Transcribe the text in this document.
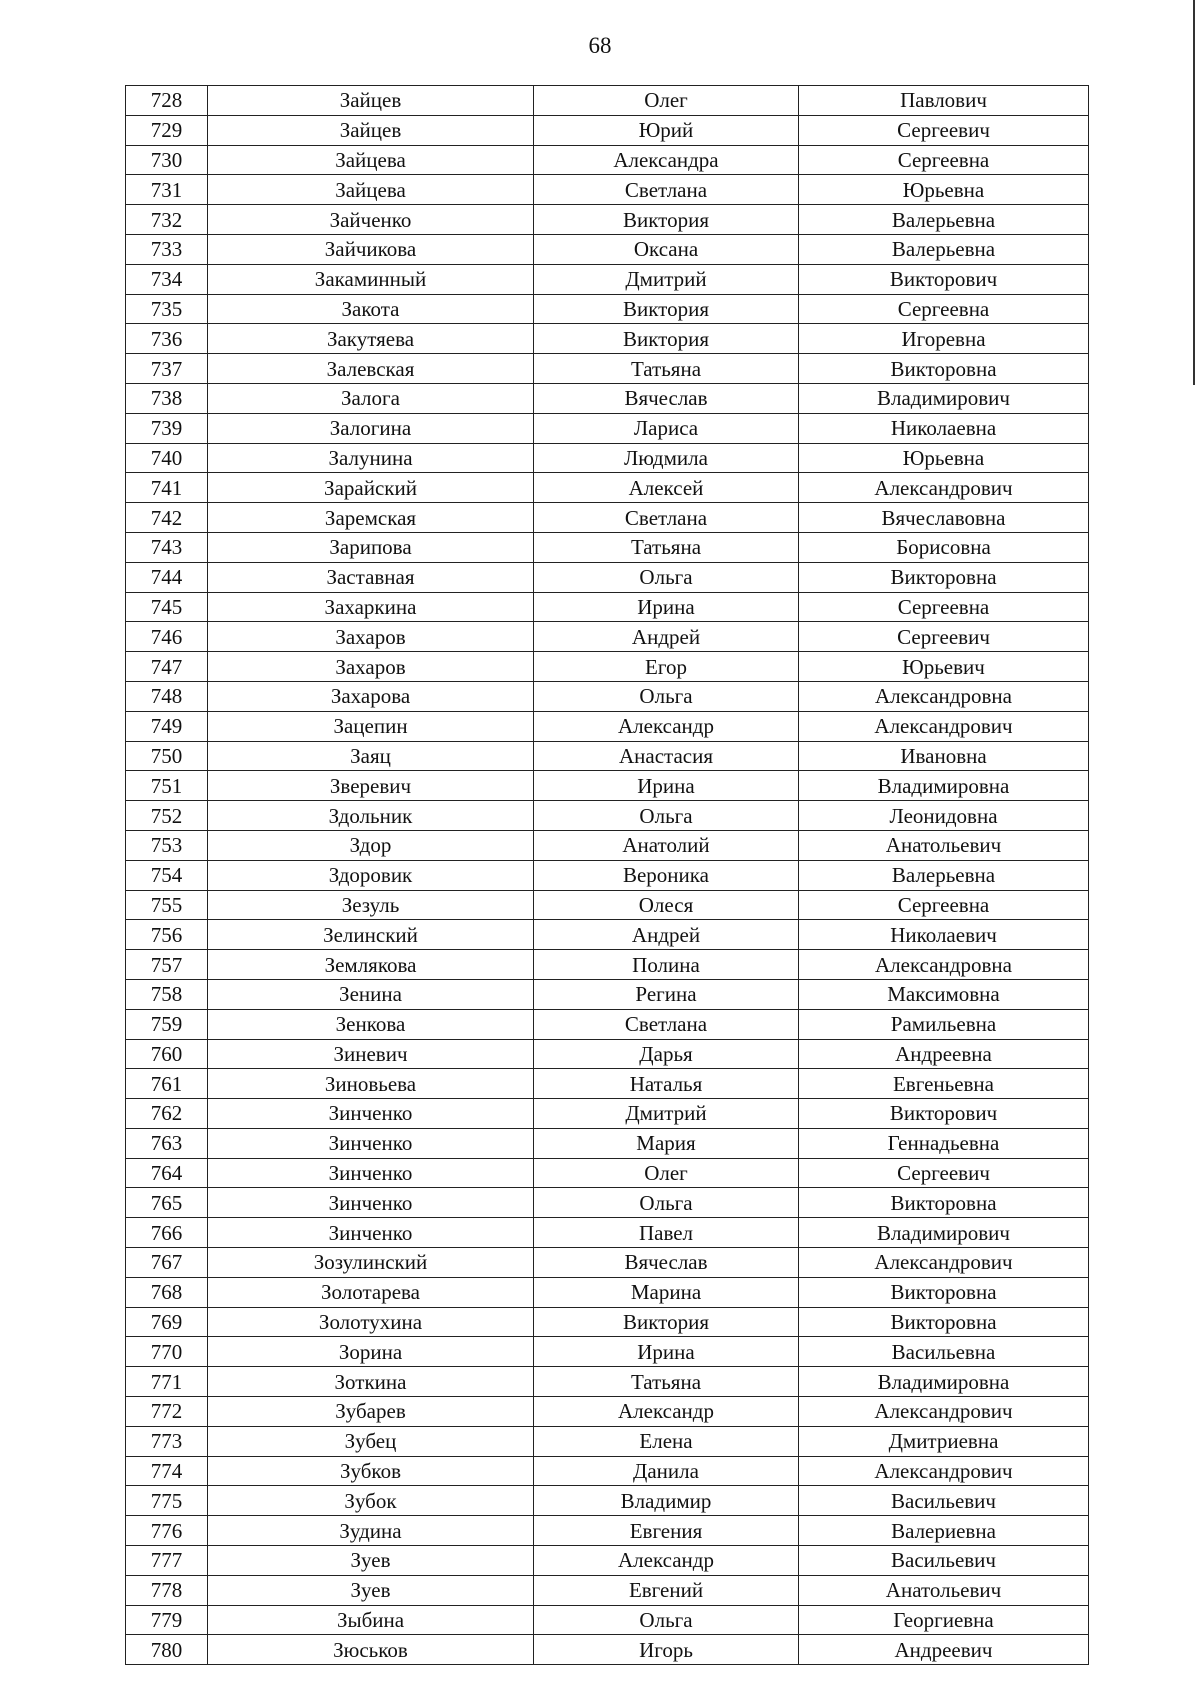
68
728	Зайцев	Олег	Павлович
729	Зайцев	Юрий	Сергеевич
730	Зайцева	Александра	Сергеевна
731	Зайцева	Светлана	Юрьевна
732	Зайченко	Виктория	Валерьевна
733	Зайчикова	Оксана	Валерьевна
734	Закаминный	Дмитрий	Викторович
735	Закота	Виктория	Сергеевна
736	Закутяева	Виктория	Игоревна
737	Залевская	Татьяна	Викторовна
738	Залога	Вячеслав	Владимирович
739	Залогина	Лариса	Николаевна
740	Залунина	Людмила	Юрьевна
741	Зарайский	Алексей	Александрович
742	Заремская	Светлана	Вячеславовна
743	Зарипова	Татьяна	Борисовна
744	Заставная	Ольга	Викторовна
745	Захаркина	Ирина	Сергеевна
746	Захаров	Андрей	Сергеевич
747	Захаров	Егор	Юрьевич
748	Захарова	Ольга	Александровна
749	Зацепин	Александр	Александрович
750	Заяц	Анастасия	Ивановна
751	Зверевич	Ирина	Владимировна
752	Здольник	Ольга	Леонидовна
753	Здор	Анатолий	Анатольевич
754	Здоровик	Вероника	Валерьевна
755	Зезуль	Олеся	Сергеевна
756	Зелинский	Андрей	Николаевич
757	Землякова	Полина	Александровна
758	Зенина	Регина	Максимовна
759	Зенкова	Светлана	Рамильевна
760	Зиневич	Дарья	Андреевна
761	Зиновьева	Наталья	Евгеньевна
762	Зинченко	Дмитрий	Викторович
763	Зинченко	Мария	Геннадьевна
764	Зинченко	Олег	Сергеевич
765	Зинченко	Ольга	Викторовна
766	Зинченко	Павел	Владимирович
767	Зозулинский	Вячеслав	Александрович
768	Золотарева	Марина	Викторовна
769	Золотухина	Виктория	Викторовна
770	Зорина	Ирина	Васильевна
771	Зоткина	Татьяна	Владимировна
772	Зубарев	Александр	Александрович
773	Зубец	Елена	Дмитриевна
774	Зубков	Данила	Александрович
775	Зубок	Владимир	Васильевич
776	Зудина	Евгения	Валериевна
777	Зуев	Александр	Васильевич
778	Зуев	Евгений	Анатольевич
779	Зыбина	Ольга	Георгиевна
780	Зюськов	Игорь	Андреевич
